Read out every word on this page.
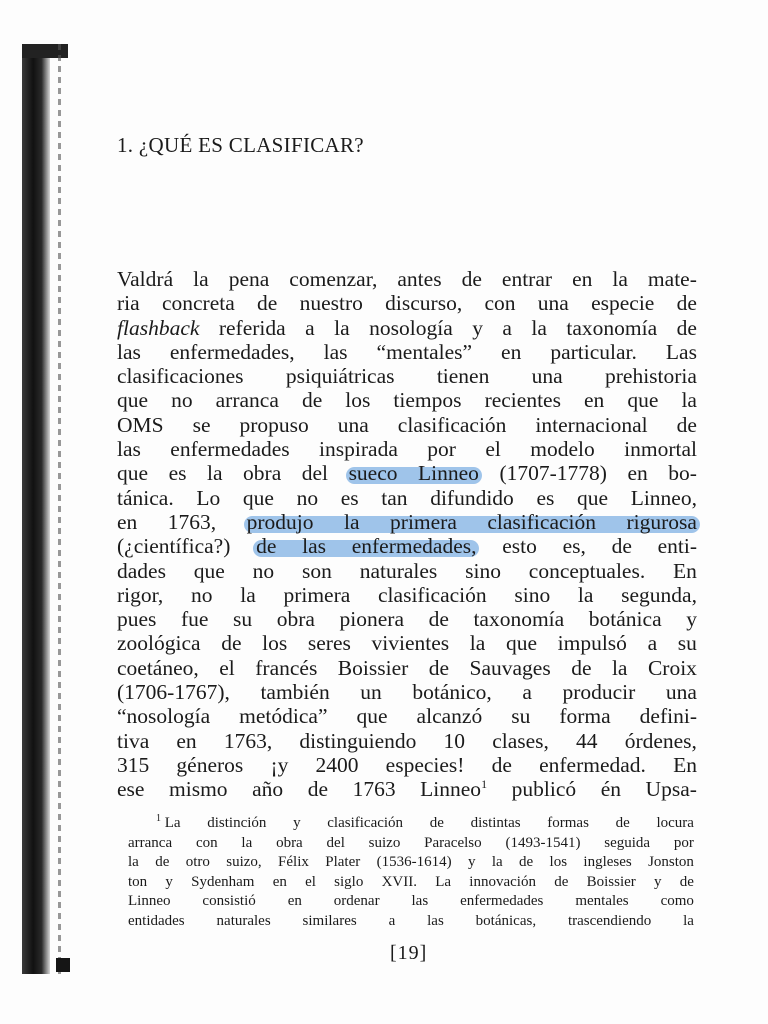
1. ¿QUÉ ES CLASIFICAR?
Valdrá la pena comenzar, antes de entrar en la mate-
ria concreta de nuestro discurso, con una especie de
flashback referida a la nosología y a la taxonomía de
las enfermedades, las “mentales” en particular. Las
clasificaciones psiquiátricas tienen una prehistoria
que no arranca de los tiempos recientes en que la
OMS se propuso una clasificación internacional de
las enfermedades inspirada por el modelo inmortal
que es la obra del sueco Linneo (1707-1778) en bo-
tánica. Lo que no es tan difundido es que Linneo,
en 1763, produjo la primera clasificación rigurosa
(¿científica?) de las enfermedades, esto es, de enti-
dades que no son naturales sino conceptuales. En
rigor, no la primera clasificación sino la segunda,
pues fue su obra pionera de taxonomía botánica y
zoológica de los seres vivientes la que impulsó a su
coetáneo, el francés Boissier de Sauvages de la Croix
(1706-1767), también un botánico, a producir una
“nosología metódica” que alcanzó su forma defini-
tiva en 1763, distinguiendo 10 clases, 44 órdenes,
315 géneros ¡y 2400 especies! de enfermedad. En
ese mismo año de 1763 Linneo$^1$ publicó én Upsa-
$^1$ La distinción y clasificación de distintas formas de locura
arranca con la obra del suizo Paracelso (1493-1541) seguida por
la de otro suizo, Félix Plater (1536-1614) y la de los ingleses Jonston
ton y Sydenham en el siglo XVII. La innovación de Boissier y de
Linneo consistió en ordenar las enfermedades mentales como
entidades naturales similares a las botánicas, trascendiendo la
[19]
